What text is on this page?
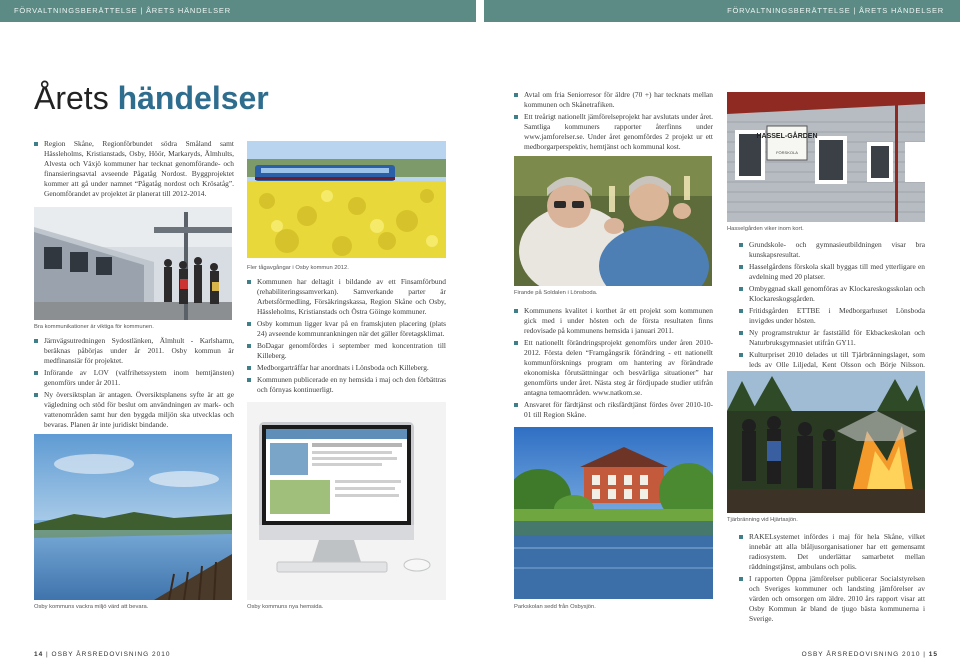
FÖRVALTNINGSBERÄTTELSE | ÅRETS HÄNDELSER	FÖRVALTNINGSBERÄTTELSE | ÅRETS HÄNDELSER
Årets händelser
Region Skåne, Regionförbundet södra Småland samt Hässleholms, Kristianstads, Osby, Höör, Markaryds, Älmhults, Alvesta och Växjö kommuner har tecknat genomförande- och finansieringsavtal avseende Pågatåg Nordost. Byggprojektet kommer att gå under namnet “Pågatåg nordost och Krösatåg”. Genomförandet av projektet är planerat till 2012-2014.
Bra kommunikationer är viktiga för kommunen.
Järnvägsutredningen Sydostlänken, Älmhult - Karlshamn, beräknas påbörjas under år 2011. Osby kommun är medfinansiär för projektet.
Införande av LOV (valfrihetssystem inom hemtjänsten) genomförs under år 2011.
Ny översiktsplan är antagen. Översiktsplanens syfte är att ge vägledning och stöd för beslut om användningen av mark- och vattenområden samt hur den byggda miljön ska utvecklas och bevaras. Planen är inte juridiskt bindande.
Osby kommuns vackra miljö värd att bevara.
Fler tågavgångar i Osby kommun 2012.
Kommunen har deltagit i bildande av ett Finsamförbund (rehabiliteringssamverkan). Samverkande parter är Arbetsförmedling, Försäkringskassa, Region Skåne och Osby, Hässleholms, Kristianstads och Östra Göinge kommuner.
Osby kommun ligger kvar på en framskjuten placering (plats 24) avseende kommunrankningen när det gäller företagsklimat.
BoDagar genomfördes i september med koncentration till Killeberg.
Medborgarträffar har anordnats i Lönsboda och Killeberg.
Kommunen publicerade en ny hemsida i maj och den förbättras och förnyas kontinuerligt.
Osby kommuns nya hemsida.
Avtal om fria Seniorresor för äldre (70 +) har tecknats mellan kommunen och Skånetrafiken.
Ett treårigt nationellt jämförelseprojekt har avslutats under året. Samtliga kommuners rapporter återfinns under www.jamforelser.se. Under året genomfördes 2 projekt ur ett medborgarperspektiv, hemtjänst och kommunal kost.
HASSEL-GÅRDEN
FÖRSKOLA
Hasselgården viker inom kort.
Firande på Soldalen i Lönsboda.
Kommunens kvalitet i korthet är ett projekt som kommunen gick med i under hösten och de första resultaten finns redovisade på kommunens hemsida i januari 2011.
Ett nationellt förändringsprojekt genomförs under åren 2010-2012. Första delen “Framgångsrik förändring - ett nationellt kommunförsknings program om hantering av förändrade ekonomiska förutsättningar och besvärliga situationer” har genomförts under året. Nästa steg är fördjupade studier utifrån antagna temaområden. www.natkom.se.
Ansvaret för färdtjänst och riksfärdtjänst fördes över 2010-10-01 till Region Skåne.
Parkskolan sedd från Osbysjön.
Grundskole- och gymnasieutbildningen visar bra kunskapsresultat.
Hasselgårdens förskola skall byggas till med ytterligare en avdelning med 20 platser.
Ombyggnad skall genomföras av Klockareskogsskolan och Klockareskogsgården.
Fritidsgården ETTBE i Medborgarhuset Lönsboda invigdes under hösten.
Ny programstruktur är fastställd för Ekbackeskolan och Naturbruksgymnasiet utifrån GY11.
Kulturpriset 2010 delades ut till Tjärbränningslaget, som leds av Olle Liljedal, Kent Olsson och Börje Nilsson.
Tjärbränning vid Hjärtasjön.
RAKELsystemet infördes i maj för hela Skåne, vilket innebär att alla blåljusorganisationer har ett gemensamt radiosystem. Det underlättar samarbetet mellan räddningstjänst, ambulans och polis.
I rapporten Öppna jämförelser publicerar Socialstyrelsen och Sveriges kommuner och landsting jämförelser av värden och omsorgen om äldre. 2010 års rapport visar att Osby Kommun är bland de tjugo bästa kommunerna i Sverige.
14 | OSBY ÅRSREDOVISNING 2010	OSBY ÅRSREDOVISNING 2010 | 15
